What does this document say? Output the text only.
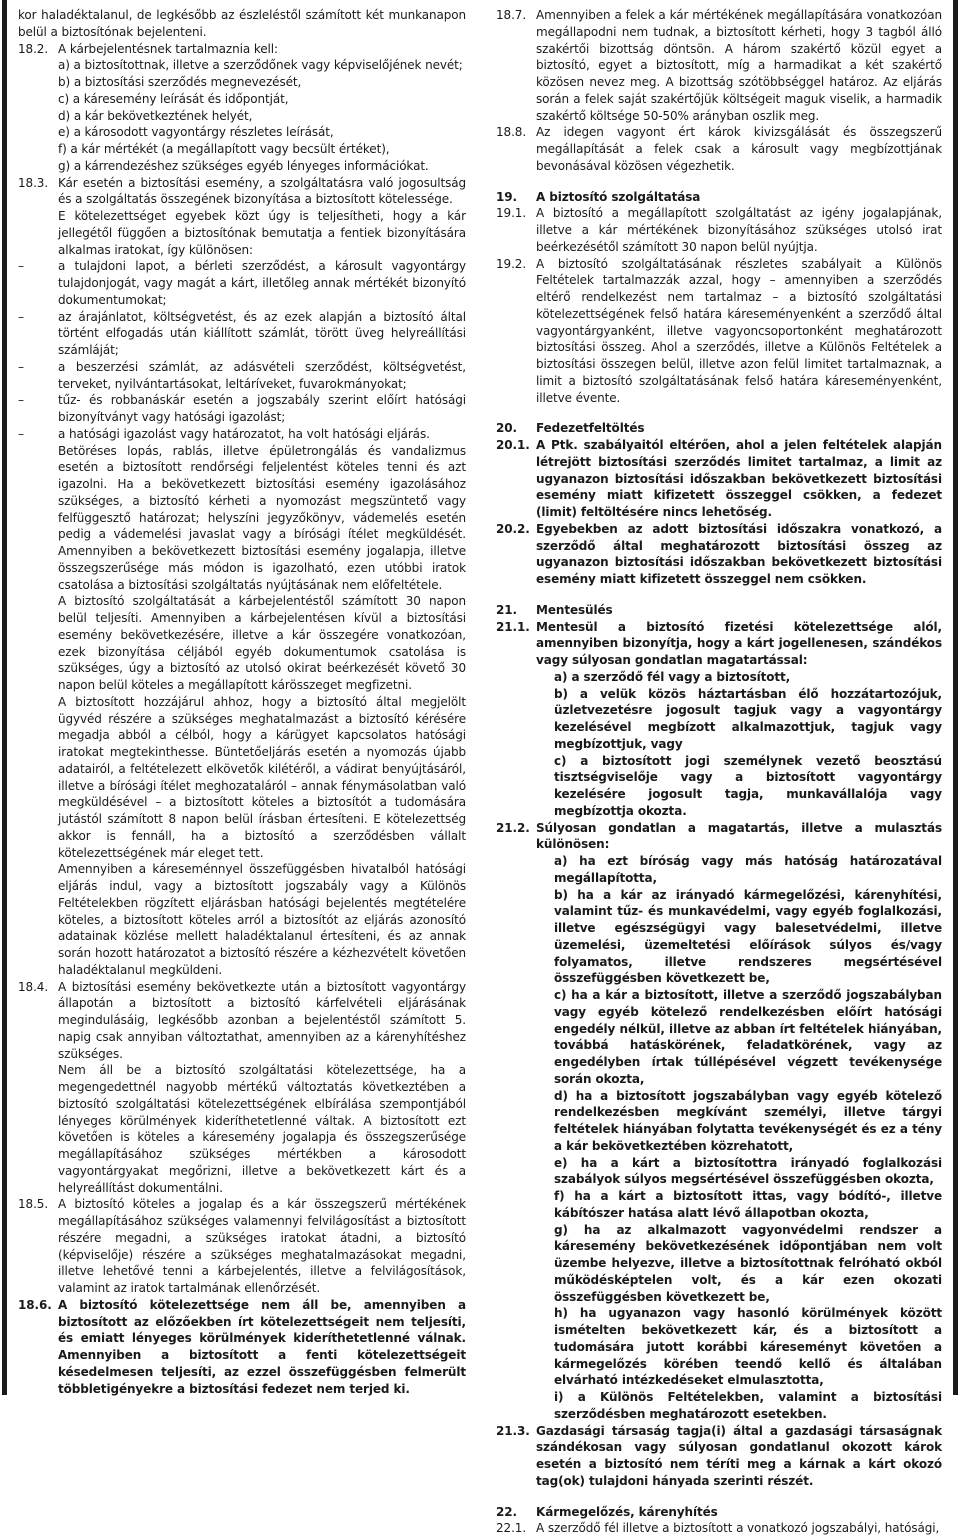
kor haladéktalanul, de legkésőbb az észleléstől számított két munkanapon belül a biztosítónak bejelenteni.

18.2. A kárbejelentésnek tartalmaznia kell:

a) a biztosítottnak, illetve a szerződőnek vagy képviselőjének nevét;

b) a biztosítási szerződés megnevezését,

c) a káresemény leírását és időpontját,

d) a kár bekövetkeztének helyét,

e) a károsodott vagyontárgy részletes leírását,

f) a kár mértékét (a megállapított vagy becsült értéket),

g) a kárrendezéshez szükséges egyéb lényeges információkat.

18.3. Kár esetén a biztosítási esemény, a szolgáltatásra való jogosultság és a szolgáltatás összegének bizonyítása a biztosított kötelessége.

E kötelezettséget egyebek közt úgy is teljesítheti, hogy a kár jellegétől függően a biztosítónak bemutatja a fentiek bizonyítására alkalmas iratokat, így különösen:

–	a tulajdoni lapot, a bérleti szerződést, a károsult vagyontárgy tulajdonjogát, vagy magát a kárt, illetőleg annak mértékét bizonyító dokumentumokat;

–	az árajánlatot, költségvetést, és az ezek alapján a biztosító által történt elfogadás után kiállított számlát, törött üveg helyreállítási számláját;

–	a beszerzési számlát, az adásvételi szerződést, költségvetést, terveket, nyilvántartásokat, leltáríveket, fuvarokmányokat;

–	tűz- és robbanáskár esetén a jogszabály szerint előírt hatósági bizonyítványt vagy hatósági igazolást;

–	a hatósági igazolást vagy határozatot, ha volt hatósági eljárás.

Betöréses lopás, rablás, illetve épületrongálás és vandalizmus esetén a biztosított rendőrségi feljelentést köteles tenni és azt igazolni. Ha a bekövetkezett biztosítási esemény igazolásához szükséges, a biztosító kérheti a nyomozást megszüntető vagy felfüggesztő határozat; helyszíni jegyzőkönyv, vádemelés esetén pedig a vádemelési javaslat vagy a bírósági ítélet megküldését. Amennyiben a bekövetkezett biztosítási esemény jogalapja, illetve összegszerűsége más módon is igazolható, ezen utóbbi iratok csatolása a biztosítási szolgáltatás nyújtásának nem előfeltétele.

A biztosító szolgáltatását a kárbejelentéstől számított 30 napon belül teljesíti. Amennyiben a kárbejelentésen kívül a biztosítási esemény bekövetkezésére, illetve a kár összegére vonatkozóan, ezek bizonyítása céljából egyéb dokumentumok csatolása is szükséges, úgy a biztosító az utolsó okirat beérkezését követő 30 napon belül köteles a megállapított kárösszeget megfizetni.

A biztosított hozzájárul ahhoz, hogy a biztosító által megjelölt ügyvéd részére a szükséges meghatalmazást a biztosító kérésére megadja abból a célból, hogy a kárügyet kapcsolatos hatósági iratokat megtekinthesse. Büntetőeljárás esetén a nyomozás újabb adatairól, a feltételezett elkövetők kilétéről, a vádirat benyújtásáról, illetve a bírósági ítélet meghozataláról – annak fénymásolatban való megküldésével – a biztosított köteles a biztosítót a tudomására jutástól számított 8 napon belül írásban értesíteni. E kötelezettség akkor is fennáll, ha a biztosító a szerződésben vállalt kötelezettségének már eleget tett.

Amennyiben a káreseménnyel összefüggésben hivatalból hatósági eljárás indul, vagy a biztosított jogszabály vagy a Különös Feltételekben rögzített eljárásban hatósági bejelentés megtételére köteles, a biztosított köteles arról a biztosítót az eljárás azonosító adatainak közlése mellett haladéktalanul értesíteni, és az annak során hozott határozatot a biztosító részére a kézhezvételt követően haladéktalanul megküldeni.

18.4. A biztosítási esemény bekövetkezte után a biztosított vagyontárgy állapotán a biztosított a biztosító kárfelvételi eljárásának megindulásáig, legkésőbb azonban a bejelentéstől számított 5. napig csak annyiban változtathat, amennyiben az a kárenyhítéshez szükséges.

Nem áll be a biztosító szolgáltatási kötelezettsége, ha a megengedettnél nagyobb mértékű változtatás következtében a biztosító szolgáltatási kötelezettségének elbírálása szempontjából lényeges körülmények kideríthetetlenné váltak. A biztosított ezt követően is köteles a káresemény jogalapja és összegszerűsége megállapításához szükséges mértékben a károsodott vagyontárgyakat megőrizni, illetve a bekövetkezett kárt és a helyreállítást dokumentálni.

18.5. A biztosító köteles a jogalap és a kár összegszerű mértékének megállapításához szükséges valamennyi felvilágosítást a biztosított részére megadni, a szükséges iratokat átadni, a biztosító (képviselője) részére a szükséges meghatalmazásokat megadni, illetve lehetővé tenni a kárbejelentés, illetve a felvilágosítások, valamint az iratok tartalmának ellenőrzését.

18.6. A biztosító kötelezettsége nem áll be, amennyiben a biztosított az előzőekben írt kötelezettségeit nem teljesíti, és emiatt lényeges körülmények kideríthetetlenné válnak. Amennyiben a biztosított a fenti kötelezettségeit késedelmesen teljesíti, az ezzel összefüggésben felmerült többletigényekre a biztosítási fedezet nem terjed ki.

18.7. Amennyiben a felek a kár mértékének megállapítására vonatkozóan megállapodni nem tudnak, a biztosított kérheti, hogy 3 tagból álló szakértői bizottság döntsön. A három szakértő közül egyet a biztosító, egyet a biztosított, míg a harmadikat a két szakértő közösen nevez meg. A bizottság szótöbbséggel határoz. Az eljárás során a felek saját szakértőjük költségeit maguk viselik, a harmadik szakértő költsége 50-50% arányban oszlik meg.

18.8. Az idegen vagyont ért károk kivizsgálását és összegszerű megállapítását a felek csak a károsult vagy megbízottjának bevonásával közösen végezhetik.

19. A biztosító szolgáltatása
19.1. A biztosító a megállapított szolgáltatást az igény jogalapjának, illetve a kár mértékének bizonyításához szükséges utolsó irat beérkezésétől számított 30 napon belül nyújtja.

19.2. A biztosító szolgáltatásának részletes szabályait a Különös Feltételek tartalmazzák azzal, hogy – amennyiben a szerződés eltérő rendelkezést nem tartalmaz – a biztosító szolgáltatási kötelezettségének felső határa káreseményenként a szerződő által vagyontárgyanként, illetve vagyoncsoportonként meghatározott biztosítási összeg. Ahol a szerződés, illetve a Különös Feltételek a biztosítási összegen belül, illetve azon felül limitet tartalmaznak, a limit a biztosító szolgáltatásának felső határa káreseményenként, illetve évente.

20. Fedezetfeltöltés
20.1. A Ptk. szabályaitól eltérően, ahol a jelen feltételek alapján létrejött biztosítási szerződés limitet tartalmaz, a limit az ugyanazon biztosítási időszakban bekövetkezett biztosítási esemény miatt kifizetett összeggel csökken, a fedezet (limit) feltöltésére nincs lehetőség.

20.2. Egyebekben az adott biztosítási időszakra vonatkozó, a szerződő által meghatározott biztosítási összeg az ugyanazon biztosítási időszakban bekövetkezett biztosítási esemény miatt kifizetett összeggel nem csökken.

21. Mentesülés
21.1. Mentesül a biztosító fizetési kötelezettsége alól, amennyiben bizonyítja, hogy a kárt jogellenesen, szándékos vagy súlyosan gondatlan magatartással:

a) a szerződő fél vagy a biztosított,

b) a velük közös háztartásban élő hozzátartozójuk, üzletvezetésre jogosult tagjuk vagy a vagyontárgy kezelésével megbízott alkalmazottjuk, tagjuk vagy megbízottjuk, vagy

c) a biztosított jogi személynek vezető beosztású tisztségviselője vagy a biztosított vagyontárgy kezelésére jogosult tagja, munkavállalója vagy megbízottja okozta.

21.2. Súlyosan gondatlan a magatartás, illetve a mulasztás különösen:

a) ha ezt bíróság vagy más hatóság határozatával megállapította,

b) ha a kár az irányadó kármegelőzési, kárenyhítési, valamint tűz- és munkavédelmi, vagy egyéb foglalkozási, illetve egészségügyi vagy balesetvédelmi, illetve üzemelési, üzemeltetési előírások súlyos és/vagy folyamatos, illetve rendszeres megsértésével összefüggésben következett be,

c) ha a kár a biztosított, illetve a szerződő jogszabályban vagy egyéb kötelező rendelkezésben előírt hatósági engedély nélkül, illetve az abban írt feltételek hiányában, továbbá hatáskörének, feladatkörének, vagy az engedélyben írtak túllépésével végzett tevékenysége során okozta,

d) ha a biztosított jogszabályban vagy egyéb kötelező rendelkezésben megkívánt személyi, illetve tárgyi feltételek hiányában folytatta tevékenységét és ez a tény a kár bekövetkeztében közrehatott,

e) ha a kárt a biztosítottra irányadó foglalkozási szabályok súlyos megsértésével összefüggésben okozta,

f) ha a kárt a biztosított ittas, vagy bódító-, illetve kábítószer hatása alatt lévő állapotban okozta,

g) ha az alkalmazott vagyonvédelmi rendszer a káresemény bekövetkezésének időpontjában nem volt üzembe helyezve, illetve a biztosítottnak felróható okból működésképtelen volt, és a kár ezen okozati összefüggésben következett be,

h) ha ugyanazon vagy hasonló körülmények között ismételten bekövetkezett kár, és a biztosított a tudomására jutott korábbi káreseményt követően a kármegelőzés körében teendő kellő és általában elvárható intézkedéseket elmulasztotta,

i) a Különös Feltételekben, valamint a biztosítási szerződésben meghatározott esetekben.

21.3. Gazdasági társaság tagja(i) által a gazdasági társaságnak szándékosan vagy súlyosan gondatlanul okozott károk esetén a biztosító nem téríti meg a kárnak a kárt okozó tag(ok) tulajdoni hányada szerinti részét.

22. Kármegelőzés, kárenyhítés
22.1. A szerződő fél illetve a biztosított a vonatkozó jogszabályi, hatósági,
